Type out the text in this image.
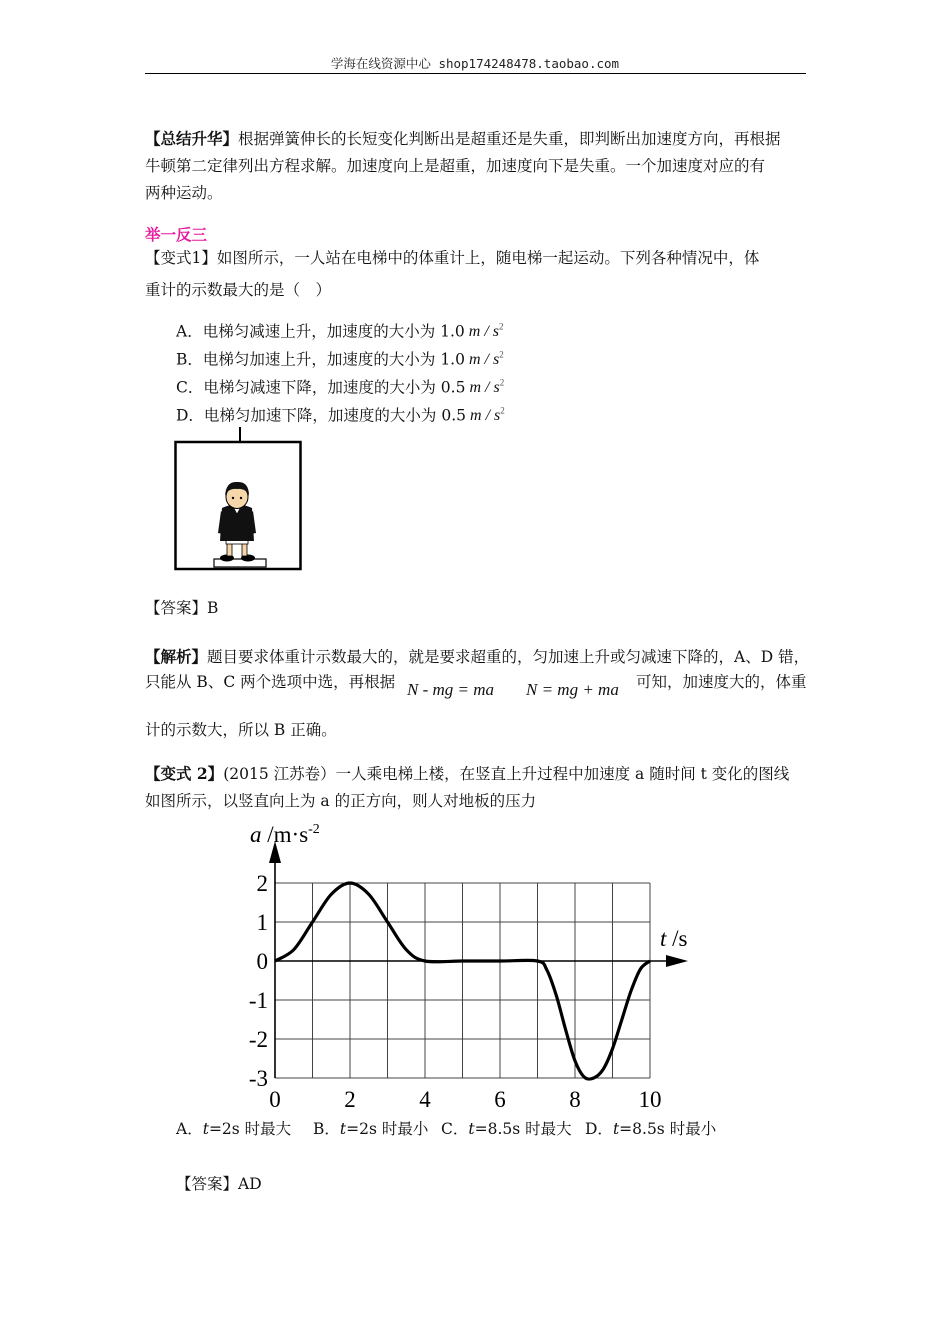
学海在线资源中心 shop174248478.taobao.com
【总结升华】根据弹簧伸长的长短变化判断出是超重还是失重，即判断出加速度方向，再根据
牛顿第二定律列出方程求解。加速度向上是超重，加速度向下是失重。一个加速度对应的有
两种运动。
举一反三
【变式1】如图所示，一人站在电梯中的体重计上，随电梯一起运动。下列各种情况中，体
重计的示数最大的是（　）
A．电梯匀减速上升，加速度的大小为 1.0 m / $s^2$
B．电梯匀加速上升，加速度的大小为 1.0 m / $s^2$
C．电梯匀减速下降，加速度的大小为 0.5 m / $s^2$
D．电梯匀加速下降，加速度的大小为 0.5 m / $s^2$
【答案】B
【解析】题目要求体重计示数最大的，就是要求超重的，匀加速上升或匀减速下降的，A、D 错，
只能从 B、C 两个选项中选，再根据 N - mg = ma N = mg + ma 可知，加速度大的，体重
计的示数大，所以 B 正确。
【变式 2】(2015 江苏卷）一人乘电梯上楼，在竖直上升过程中加速度 a 随时间 t 变化的图线
如图所示，以竖直向上为 a 的正方向，则人对地板的压力
2
1
0
-1
-2
-3
0	2	4	6	8	10
a $/m\cdot s^{-2}$
t /s
A．t=2s 时最大 B．t=2s 时最小 C．t=8.5s 时最大 D．t=8.5s 时最小
【答案】AD
